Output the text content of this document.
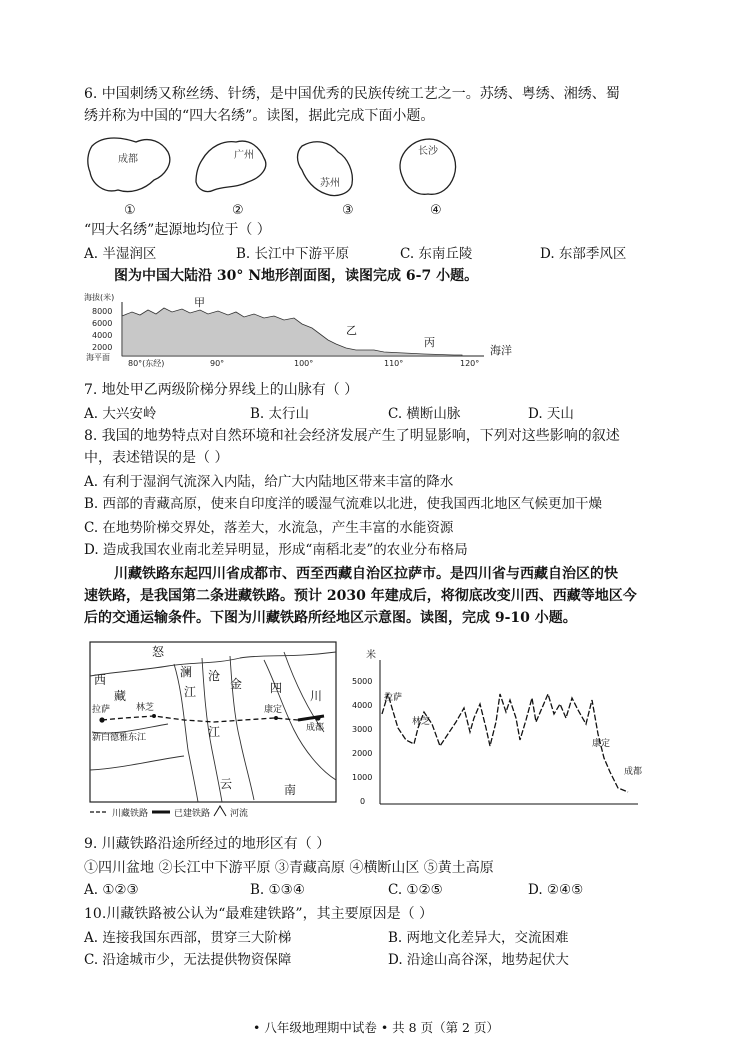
6. 中国刺绣又称丝绣、针绣，是中国优秀的民族传统工艺之一。苏绣、粤绣、湘绣、蜀
绣并称为中国的“四大名绣”。读图，据此完成下面小题。
成都	广州
苏州
长沙
①	②	③	④
“四大名绣”起源地均位于（ ）
A. 半湿润区	B. 长江中下游平原	C. 东南丘陵	D. 东部季风区
图为中国大陆沿 30° N地形剖面图，读图完成 6-7 小题。
海拔(米)
8000
6000
4000
2000
海平面
甲
乙
丙
海洋
80°(东经)	90°	100°	110°	120°
7. 地处甲乙两级阶梯分界线上的山脉有（ ）
A. 大兴安岭	B. 太行山	C. 横断山脉	D. 天山
8. 我国的地势特点对自然环境和社会经济发展产生了明显影响，下列对这些影响的叙述
中，表述错误的是（ ）
A. 有利于湿润气流深入内陆，给广大内陆地区带来丰富的降水
B. 西部的青藏高原，使来自印度洋的暖湿气流难以北进，使我国西北地区气候更加干燥
C. 在地势阶梯交界处，落差大，水流急，产生丰富的水能资源
D. 造成我国农业南北差异明显，形成“南稻北麦”的农业分布格局
川藏铁路东起四川省成都市、西至西藏自治区拉萨市。是四川省与西藏自治区的快
速铁路，是我国第二条进藏铁路。预计 2030 年建成后，将彻底改变川西、西藏等地区今
后的交通运输条件。下图为川藏铁路所经地区示意图。读图，完成 9-10 小题。
西
藏
怒
澜
江
沧
金 四
川
江
云	南
拉萨	林芝
新白德雅东江
康定
成都
川藏铁路	已建铁路 河流
米
5000
4000
3000
2000
1000
0
拉萨
林芝
康定
成都
9. 川藏铁路沿途所经过的地形区有（ ）
①四川盆地 ②长江中下游平原 ③青藏高原 ④横断山区 ⑤黄土高原
A. ①②③	B. ①③④	C. ①②⑤	D. ②④⑤
10.川藏铁路被公认为“最难建铁路”，其主要原因是（ ）
A. 连接我国东西部，贯穿三大阶梯	B. 两地文化差异大，交流困难
C. 沿途城市少，无法提供物资保障	D. 沿途山高谷深，地势起伏大
• 八年级地理期中试卷 • 共 8 页（第 2 页）
